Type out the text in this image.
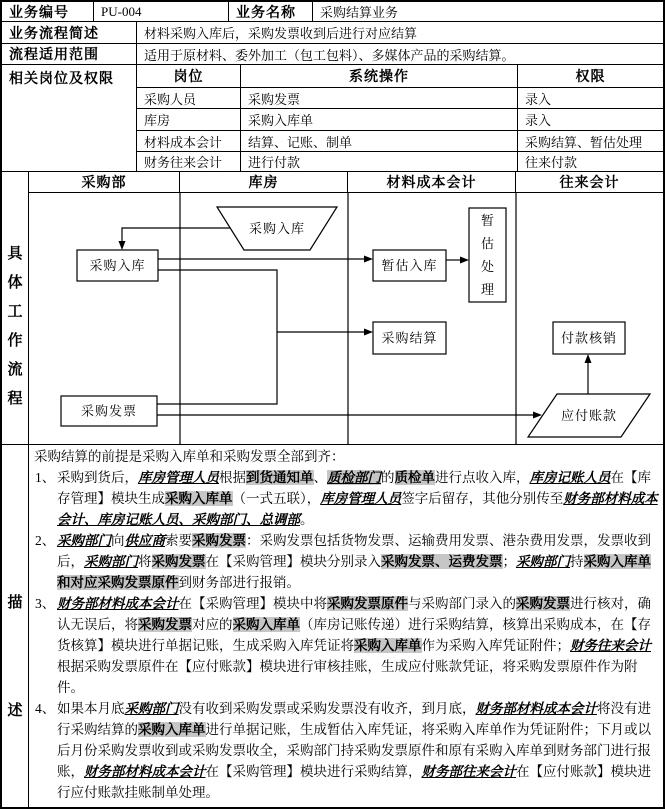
业务编号	PU-004	业务名称	采购结算业务
业务流程简述	材料采购入库后，采购发票收到后进行对应结算
流程适用范围	适用于原材料、委外加工（包工包料）、多媒体产品的采购结算。
相关岗位及权限	岗位	系统操作	权限
采购人员	采购发票	录入
库房	采购入库单	录入
材料成本会计	结算、记账、制单	采购结算、暂估处理
财务往来会计	进行付款	往来付款
具体工作流程
采购部	库房	材料成本会计	往来会计
采购入库
采购入库
采购发票
暂估入库
暂
估
处
理
采购结算	付款核销
应付账款
描述

采购结算的前提是采购入库单和采购发票全部到齐：

1、 采购到货后，库房管理人员根据到货通知单、质检部门的质检单进行点收入库，库房记账人员在【库存管理】模块生成采购入库单（一式五联），库房管理人员签字后留存，其他分别传至财务部材料成本会计、库房记账人员、采购部门、总调部。
2、 采购部门向供应商索要采购发票：采购发票包括货物发票、运输费用发票、港杂费用发票，发票收到后，采购部门将采购发票在【采购管理】模块分别录入采购发票、运费发票；采购部门持采购入库单和对应采购发票原件到财务部进行报销。
3、 财务部材料成本会计在【采购管理】模块中将采购发票原件与采购部门录入的采购发票进行核对，确认无误后，将采购发票对应的采购入库单（库房记账传递）进行采购结算，核算出采购成本，在【存货核算】模块进行单据记账，生成采购入库凭证将采购入库单作为采购入库凭证附件；财务往来会计根据采购发票原件在【应付账款】模块进行审核挂账，生成应付账款凭证，将采购发票原件作为附件。
4、 如果本月底采购部门没有收到采购发票或采购发票没有收齐，到月底，财务部材料成本会计将没有进行采购结算的采购入库单进行单据记账，生成暂估入库凭证，将采购入库单作为凭证附件；下月或以后月份采购发票收到或采购发票收全，采购部门持采购发票原件和原有采购入库单到财务部门进行报账，财务部材料成本会计在【采购管理】模块进行采购结算，财务部往来会计在【应付账款】模块进行应付账款挂账制单处理。
